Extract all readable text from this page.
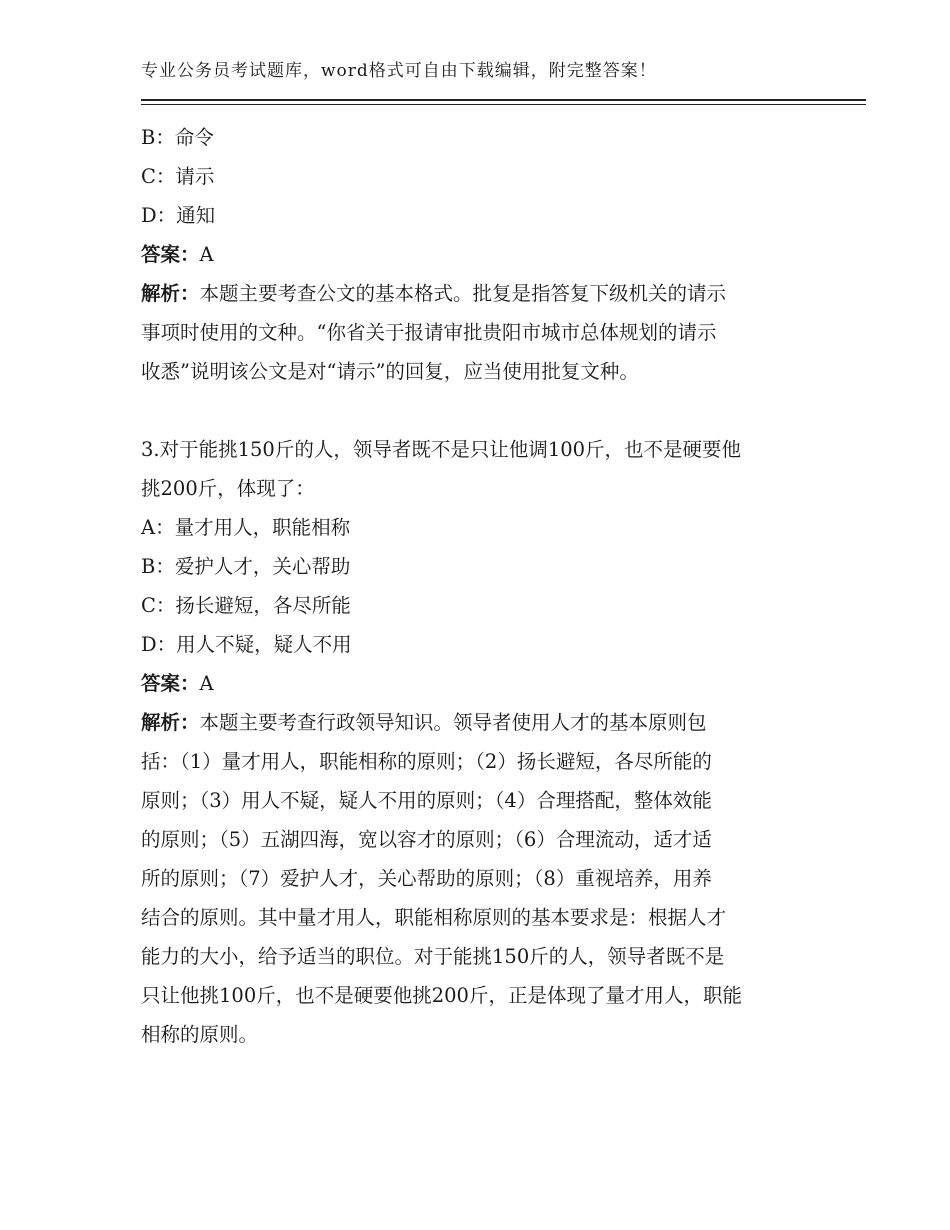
专业公务员考试题库，word格式可自由下载编辑，附完整答案！
B：命令
C：请示
D：通知
答案：A
解析：本题主要考查公文的基本格式。批复是指答复下级机关的请示
事项时使用的文种。“你省关于报请审批贵阳市城市总体规划的请示
收悉”说明该公文是对“请示”的回复，应当使用批复文种。
3.对于能挑150斤的人，领导者既不是只让他调100斤，也不是硬要他
挑200斤，体现了：
A：量才用人，职能相称
B：爱护人才，关心帮助
C：扬长避短，各尽所能
D：用人不疑，疑人不用
答案：A
解析：本题主要考查行政领导知识。领导者使用人才的基本原则包
括：（1）量才用人，职能相称的原则；（2）扬长避短，各尽所能的
原则；（3）用人不疑，疑人不用的原则；（4）合理搭配，整体效能
的原则；（5）五湖四海，宽以容才的原则；（6）合理流动，适才适
所的原则；（7）爱护人才，关心帮助的原则；（8）重视培养，用养
结合的原则。其中量才用人，职能相称原则的基本要求是：根据人才
能力的大小，给予适当的职位。对于能挑150斤的人，领导者既不是
只让他挑100斤，也不是硬要他挑200斤，正是体现了量才用人，职能
相称的原则。
